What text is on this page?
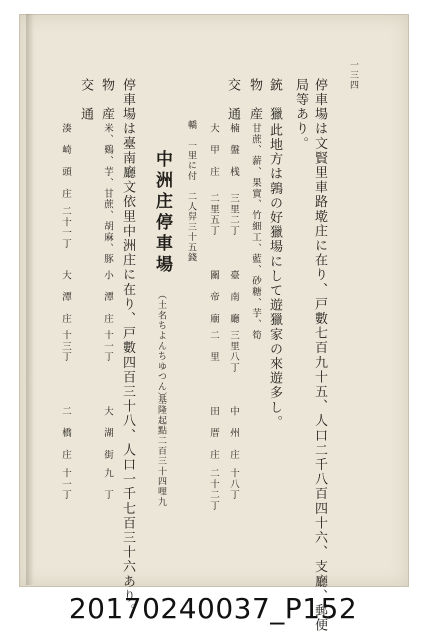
一三四
停車場は文賢里車路墘庄に在り、戸數七百九十五、人口二千八百四十六、支廳、郵便
局等あり。
銃　獵
此地方は鶉の好獵場にして遊獵家の來遊多し。
物　産
甘蔗、薪、果實、竹細工、藍、砂糖、芋、筍
交　通
楠　盤　桟
三里二丁
臺　南　廳
三里八丁
中　州　庄
十八丁
大　甲　庄
二里五丁
關　帝　廟
二　里
田　厝　庄
二十二丁
轎　一里に付　二人舁三十五錢
中洲庄停車場
（土名ちよんちゆつん）
基隆起點二百三十四哩九
停車場は臺南廳文依里中洲庄に在り、戸數四百三十八、人口一千七百三十六あり。
物　産
米、鷄、芋、甘蔗、胡麻、豚
小　潭　庄
十一丁
大　湖　街
九　丁
交　通
湊　崎　頭　庄
二十一丁
大　潭　庄
十三丁
二　橋　庄
十一丁
20170240037_P152
